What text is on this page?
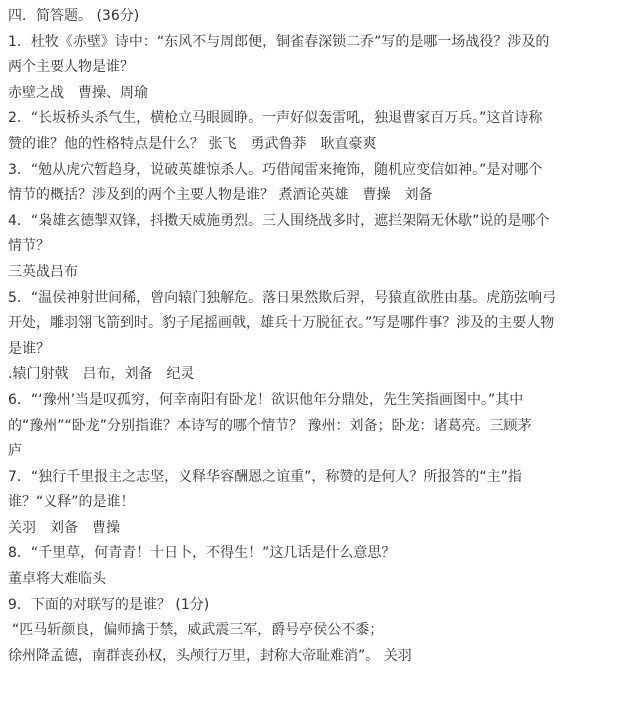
四．简答题。 (36分)
1．杜牧《赤壁》诗中：“东风不与周郎便，铜雀春深锁二乔”写的是哪一场战役？涉及的
两个主要人物是谁？
赤壁之战　曹操、周瑜
2．“长坂桥头杀气生，横枪立马眼圆睁。一声好似轰雷吼，独退曹家百万兵。”这首诗称
赞的谁？他的性格特点是什么？ 张飞　勇武鲁莽　耿直豪爽
3．“勉从虎穴暂趋身，说破英雄惊杀人。巧借闻雷来掩饰，随机应变信如神。”是对哪个
情节的概括？涉及到的两个主要人物是谁？ 煮酒论英雄　曹操　刘备
4．“枭雄玄德掣双锋，抖擞天威施勇烈。三人围绕战多时，遮拦架隔无休歇”说的是哪个
情节？
三英战吕布
5．“温侯神射世间稀，曾向辕门独解危。落日果然欺后羿，号猿直欲胜由基。虎筋弦响弓
开处，雕羽翎飞箭到时。豹子尾摇画戟，雄兵十万脱征衣。”写是哪件事？涉及的主要人物
是谁？
.辕门射戟　吕布，刘备　纪灵
6．“‘豫州’当是叹孤穷，何幸南阳有卧龙！欲识他年分鼎处，先生笑指画图中。”其中
的“豫州”“卧龙”分别指谁？本诗写的哪个情节？ 豫州：刘备；卧龙：诸葛亮。三顾茅
庐
7．“独行千里报主之志坚，义释华容酬恩之谊重”，称赞的是何人？所报答的“主”指
谁？“义释”的是谁！
关羽　刘备　曹操
8．“千里草，何青青！十日卜，不得生！”这几话是什么意思？
董卓将大难临头
9．下面的对联写的是谁？ (1分)
“匹马斩颜良，偏师擒于禁，威武震三军，爵号亭侯公不黍；
徐州降孟德，南群丧孙权，头颅行万里，封称大帝耻难消”。 关羽
